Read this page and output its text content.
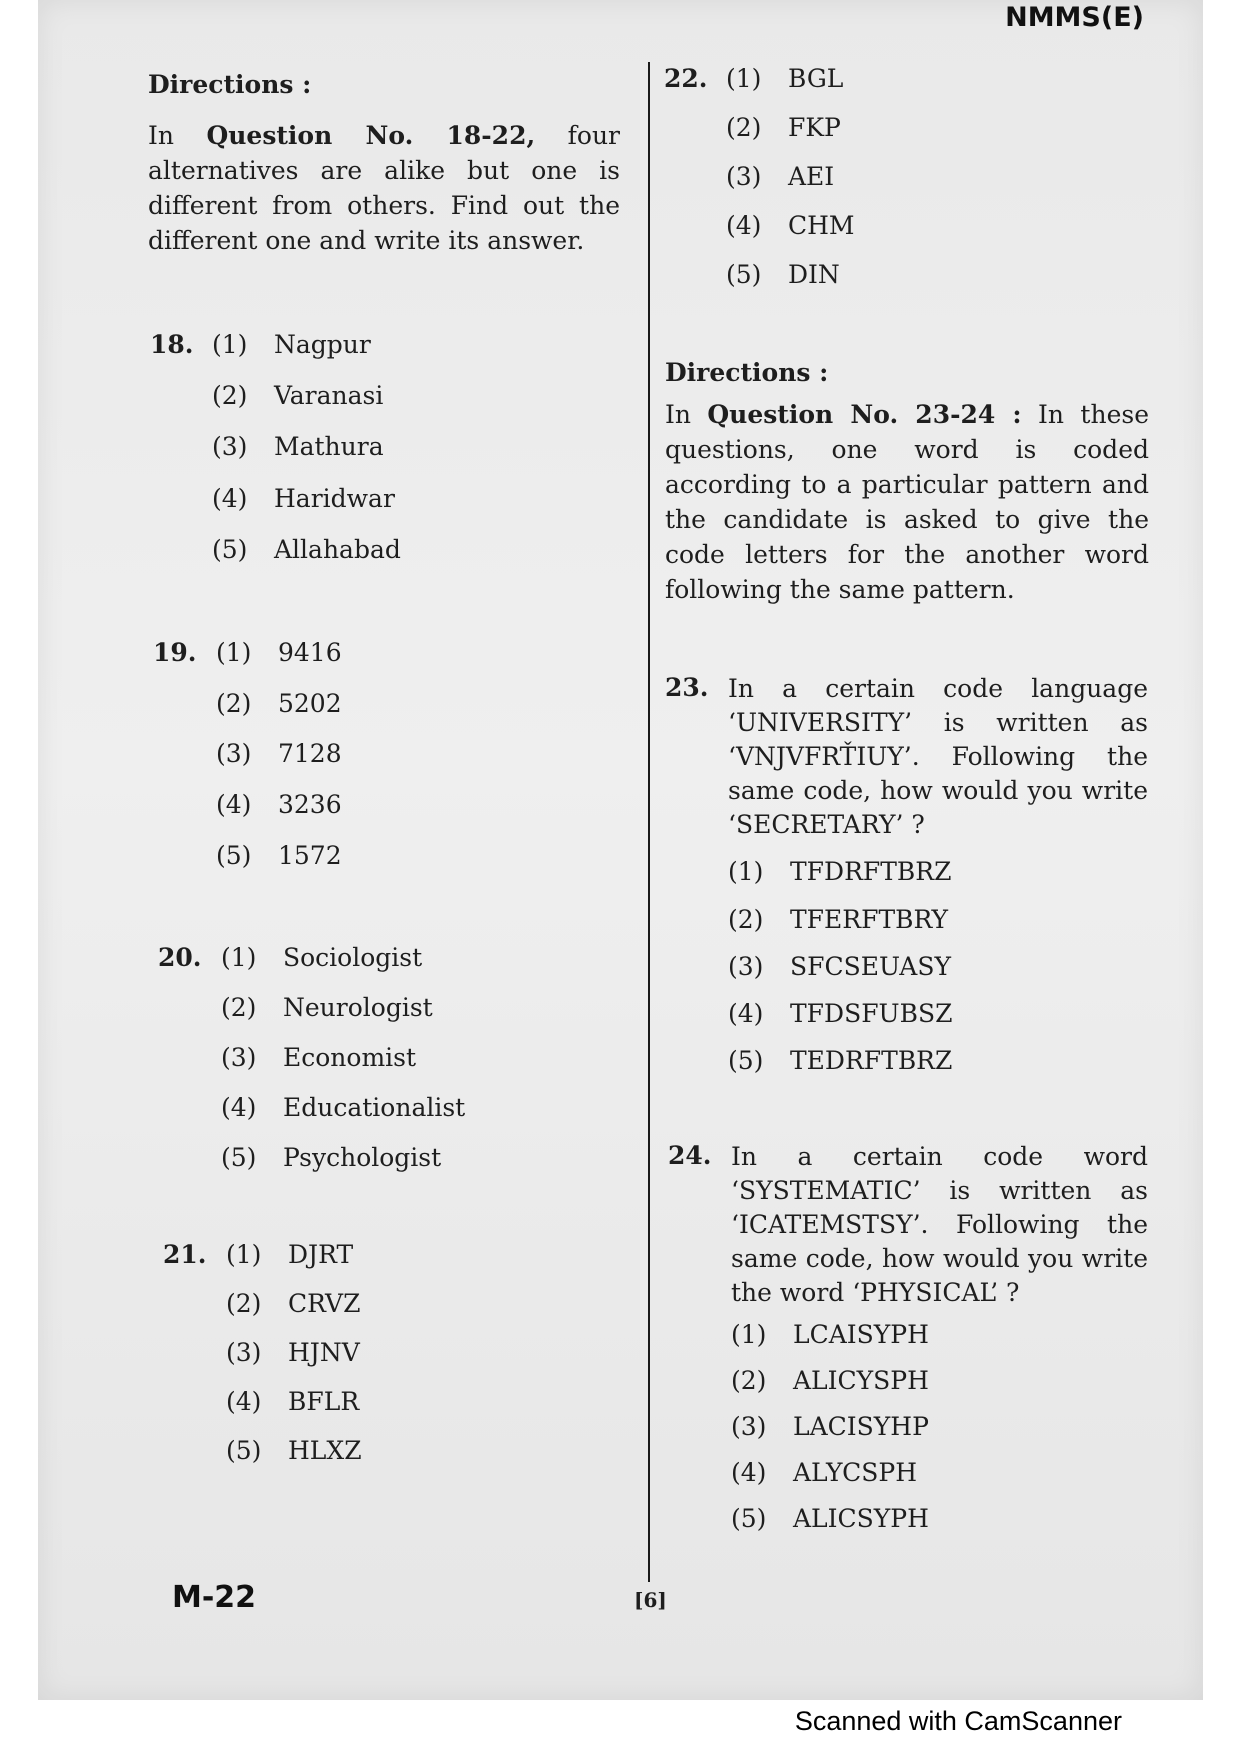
NMMS(E)
Directions :
In Question No. 18-22, four alternatives are alike but one is different from others. Find out the different one and write its answer.
18. (1) Nagpur
(2) Varanasi
(3) Mathura
(4) Haridwar
(5) Allahabad
19. (1) 9416
(2) 5202
(3) 7128
(4) 3236
(5) 1572
20. (1) Sociologist
(2) Neurologist
(3) Economist
(4) Educationalist
(5) Psychologist
21. (1) DJRT
(2) CRVZ
(3) HJNV
(4) BFLR
(5) HLXZ
22. (1) BGL
(2) FKP
(3) AEI
(4) CHM
(5) DIN
Directions :
In Question No. 23-24 : In these questions, one word is coded according to a particular pattern and the candidate is asked to give the code letters for the another word following the same pattern.
23. In a certain code language ‘UNIVERSITY’ is written as ‘VNJVFRŤIUY’. Following the same code, how would you write ‘SECRETARY’ ?
(1) TFDRFTBRZ
(2) TFERFTBRY
(3) SFCSEUASY
(4) TFDSFUBSZ
(5) TEDRFTBRZ
24. In a certain code word ‘SYSTEMATIC’ is written as ‘ICATEMSTSY’. Following the same code, how would you write the word ‘PHYSICAL’ ?
(1) LCAISYPH
(2) ALICYSPH
(3) LACISYHP
(4) ALYCSPH
(5) ALICSYPH
M-22	[6]
Scanned with CamScanner
